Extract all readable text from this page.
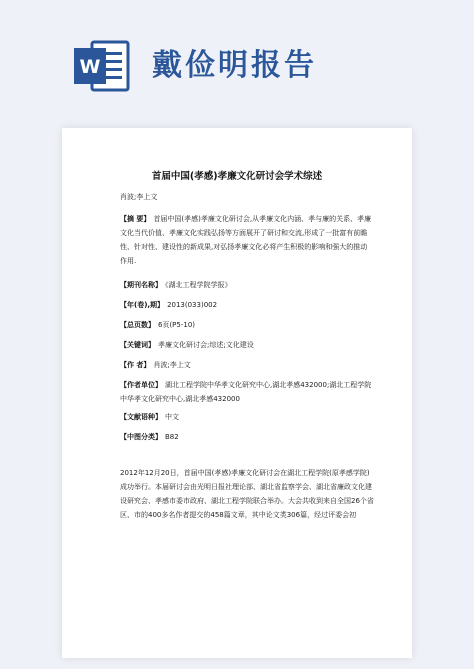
W 戴俭明报告
首届中国(孝感)孝廉文化研讨会学术综述
肖波;李上文
【摘 要】 首届中国(孝感)孝廉文化研讨会,从孝廉文化内涵、孝与廉的关系、孝廉文化当代价值、孝廉文化实践弘扬等方面展开了研讨和交流,形成了一批富有前瞻性、针对性、建设性的新成果,对弘扬孝廉文化必将产生积极的影响和强大的推动作用.
【期刊名称】 《湖北工程学院学报》
【年(卷),期】 2013(033)002
【总页数】 6页(P5-10)
【关键词】 孝廉文化研讨会;综述;文化建设
【作 者】 肖波;李上文
【作者单位】 湖北工程学院中华孝文化研究中心,湖北孝感432000;湖北工程学院中华孝文化研究中心,湖北孝感432000
【文献语种】 中文
【中图分类】 B82
2012年12月20日，首届中国(孝感)孝廉文化研讨会在湖北工程学院(原孝感学院)成功举行。本届研讨会由光明日报社理论部、湖北省监察学会、湖北省廉政文化建设研究会、孝感市委市政府、湖北工程学院联合举办。大会共收到来自全国26个省区、市的400多名作者提交的458篇文章，其中论文类306篇，经过评委会初
